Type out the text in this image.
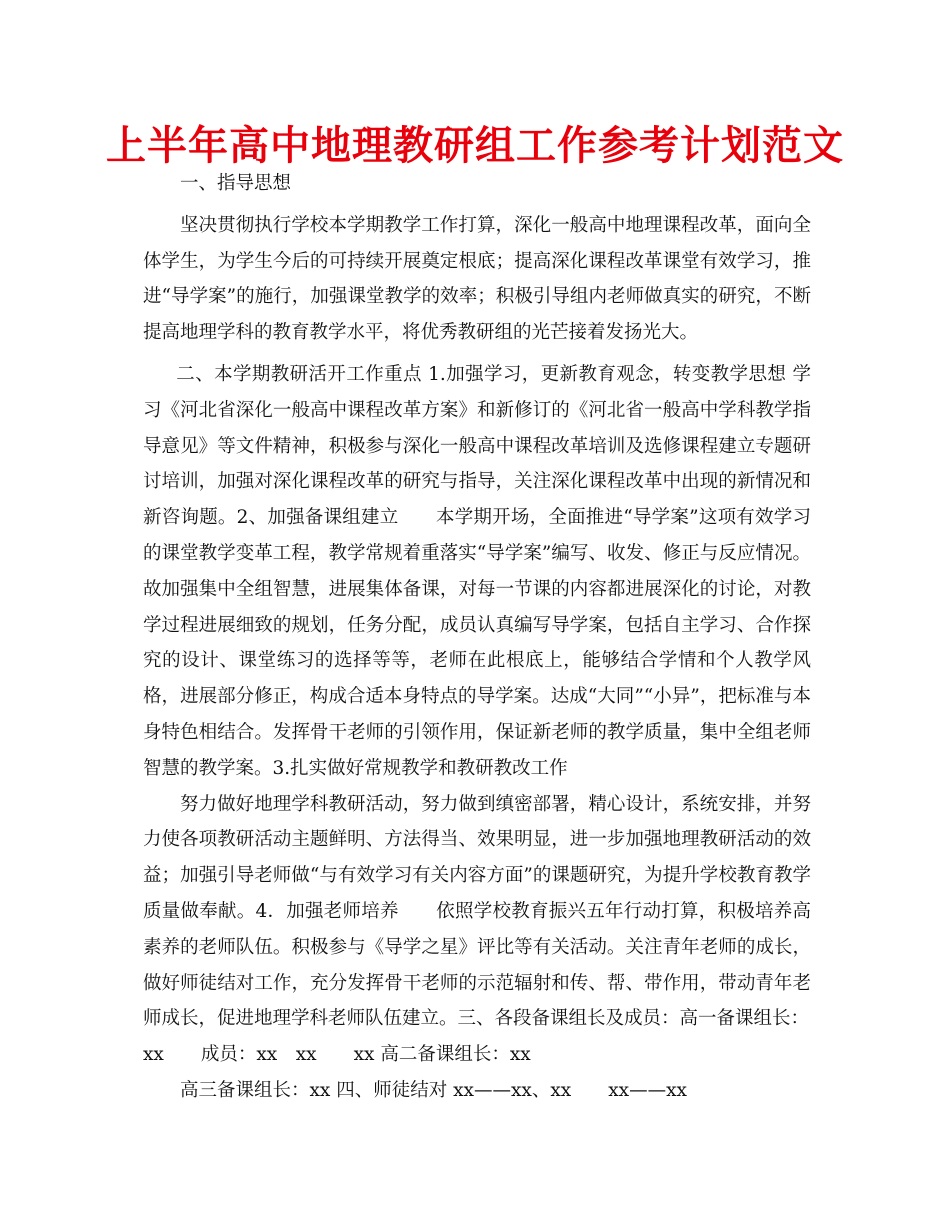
上半年高中地理教研组工作参考计划范文

一、指导思想

坚决贯彻执行学校本学期教学工作打算，深化一般高中地理课程改革，面向全体学生，为学生今后的可持续开展奠定根底；提高深化课程改革课堂有效学习，推进“导学案”的施行，加强课堂教学的效率；积极引导组内老师做真实的研究，不断提高地理学科的教育教学水平，将优秀教研组的光芒接着发扬光大。

二、本学期教研活开工作重点 1.加强学习，更新教育观念，转变教学思想 学习《河北省深化一般高中课程改革方案》和新修订的《河北省一般高中学科教学指导意见》等文件精神，积极参与深化一般高中课程改革培训及选修课程建立专题研讨培训，加强对深化课程改革的研究与指导，关注深化课程改革中出现的新情况和新咨询题。2、加强备课组建立　　本学期开场，全面推进“导学案”这项有效学习的课堂教学变革工程，教学常规着重落实“导学案”编写、收发、修正与反应情况。故加强集中全组智慧，进展集体备课，对每一节课的内容都进展深化的讨论，对教学过程进展细致的规划，任务分配，成员认真编写导学案，包括自主学习、合作探究的设计、课堂练习的选择等等，老师在此根底上，能够结合学情和个人教学风格，进展部分修正，构成合适本身特点的导学案。达成“大同”“小异”，把标准与本身特色相结合。发挥骨干老师的引领作用，保证新老师的教学质量，集中全组老师智慧的教学案。3.扎实做好常规教学和教研教改工作

努力做好地理学科教研活动，努力做到缜密部署，精心设计，系统安排，并努力使各项教研活动主题鲜明、方法得当、效果明显，进一步加强地理教研活动的效益；加强引导老师做“与有效学习有关内容方面”的课题研究，为提升学校教育教学质量做奉献。4．加强老师培养　　依照学校教育振兴五年行动打算，积极培养高素养的老师队伍。积极参与《导学之星》评比等有关活动。关注青年老师的成长，做好师徒结对工作，充分发挥骨干老师的示范辐射和传、帮、带作用，带动青年老师成长，促进地理学科老师队伍建立。三、各段备课组长及成员：高一备课组长：

xx　　成员：xx　xx　　xx 高二备课组长：xx

高三备课组长：xx 四、师徒结对 xx——xx、xx　　xx——xx
